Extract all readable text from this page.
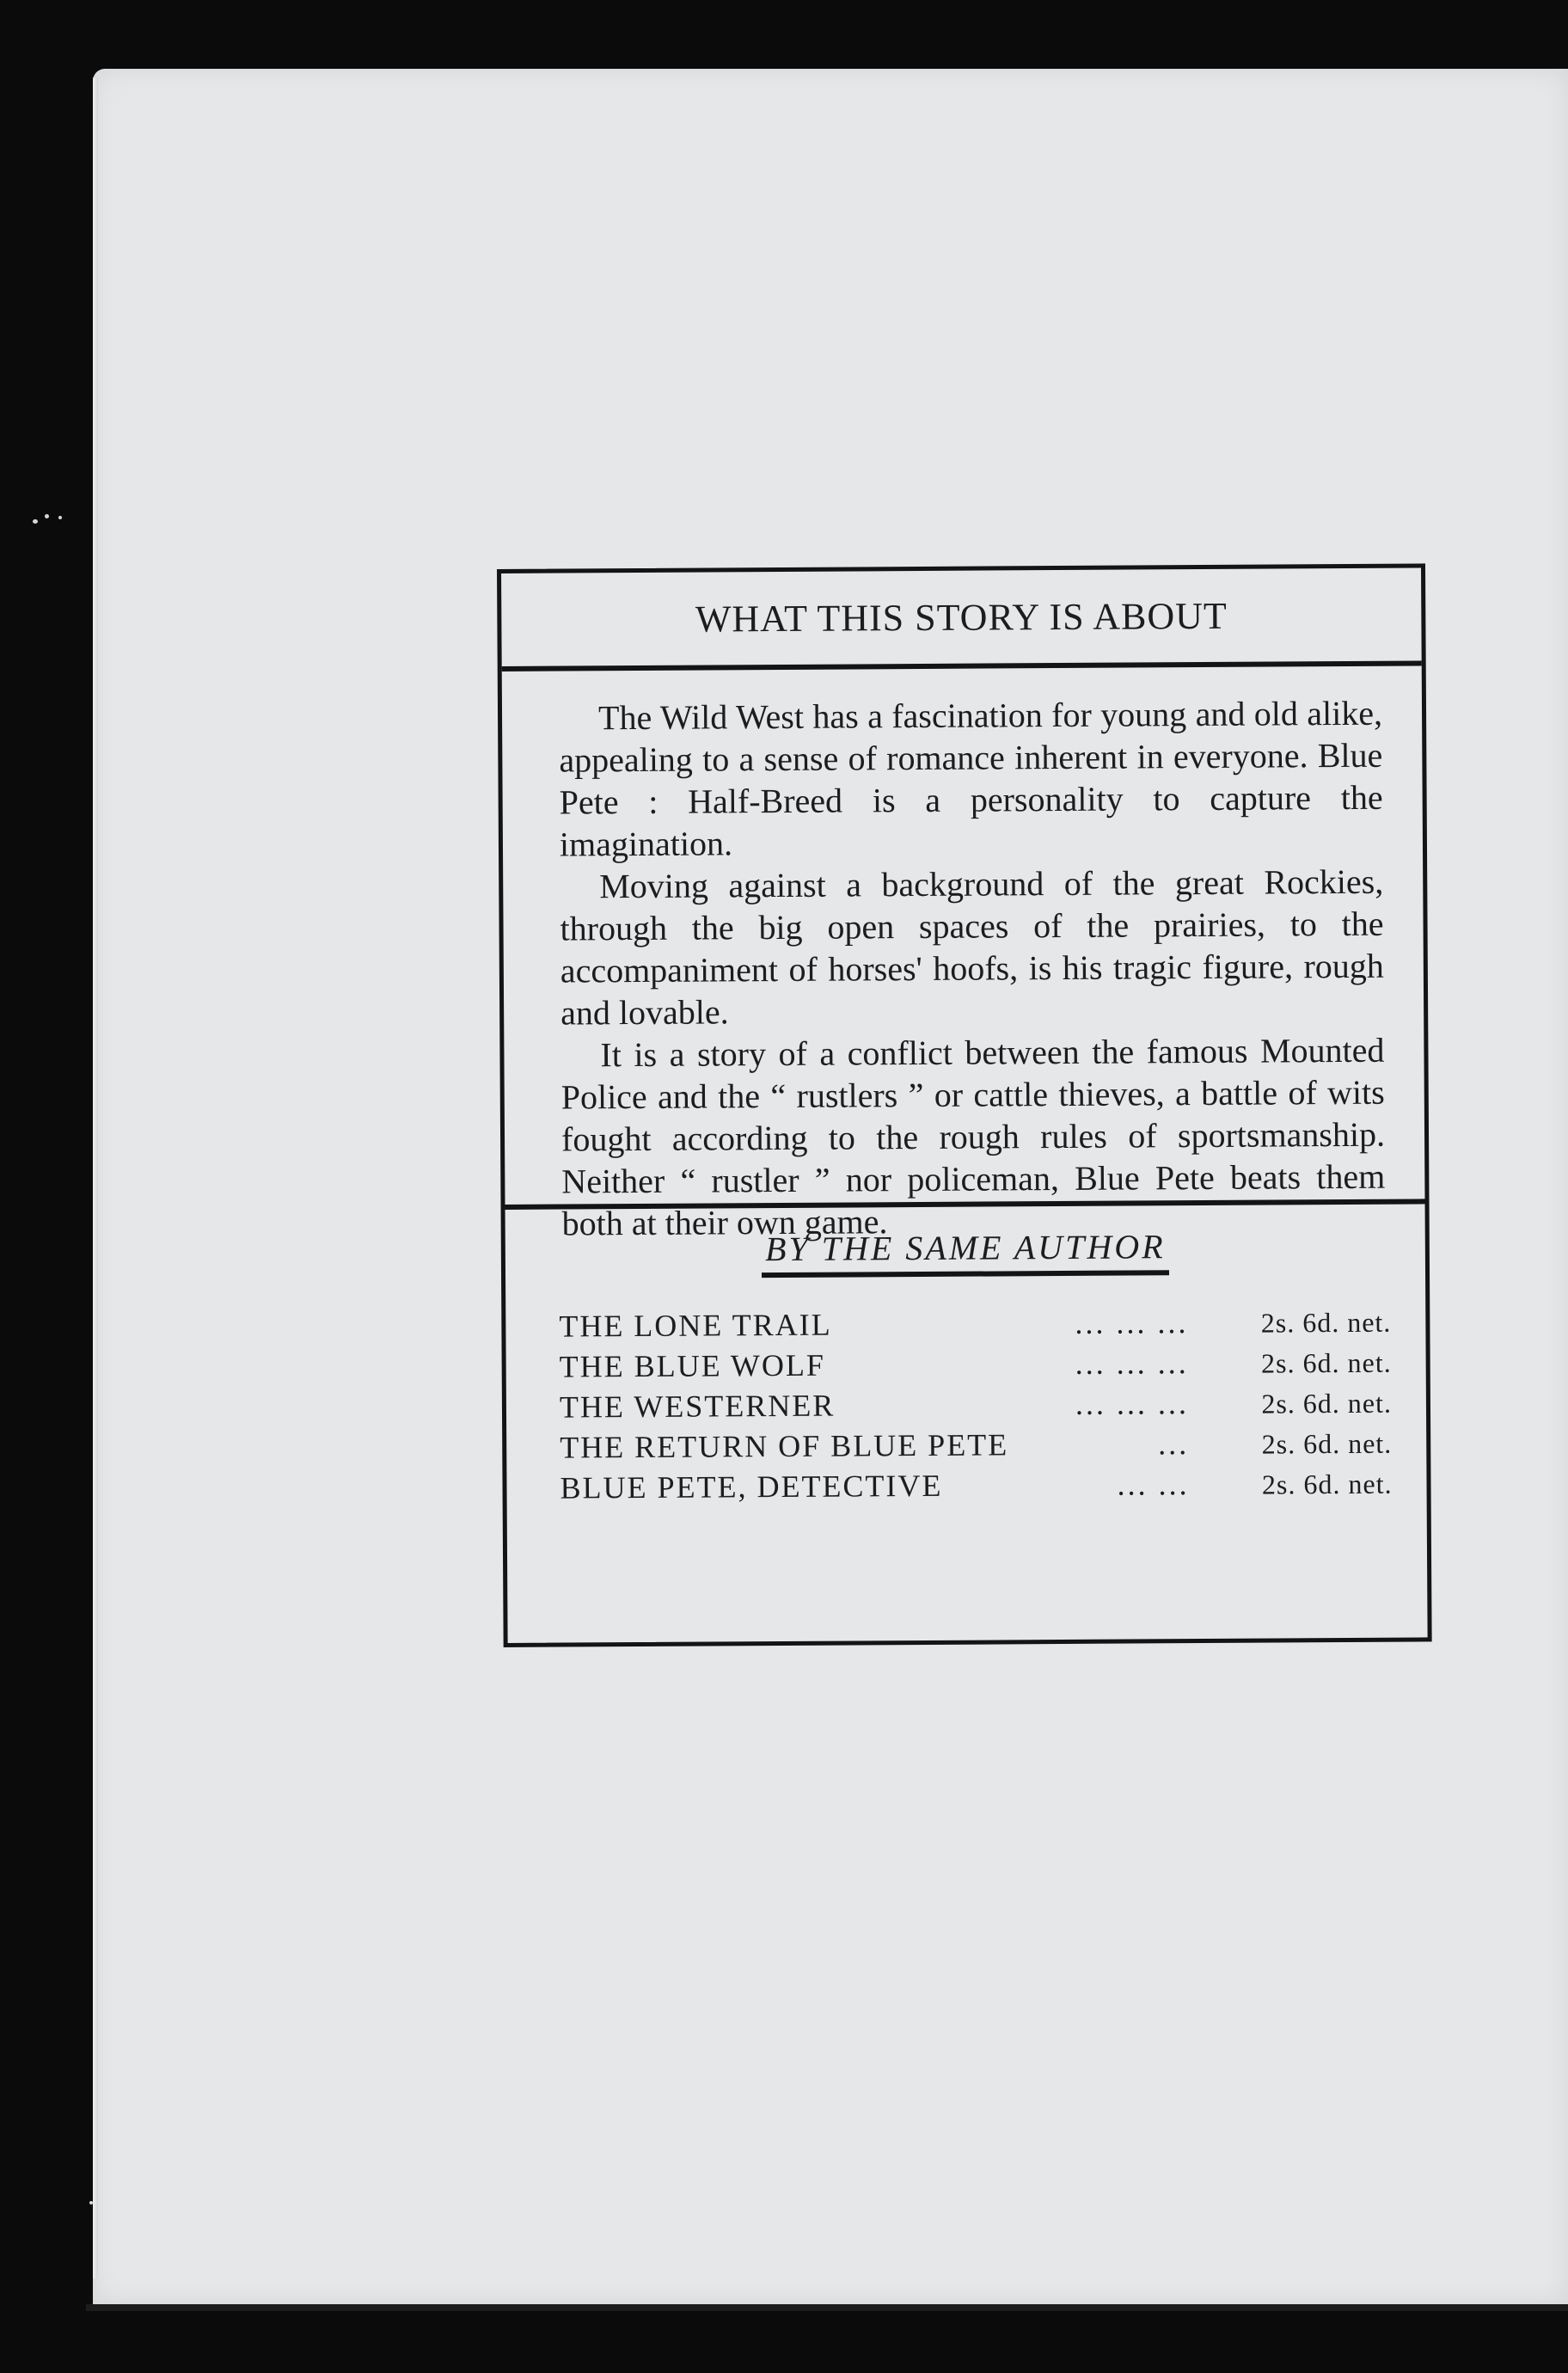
WHAT THIS STORY IS ABOUT

The Wild West has a fascination for young and old alike, appealing to a sense of romance inherent in everyone. Blue Pete : Half-Breed is a personality to capture the imagination.

Moving against a background of the great Rockies, through the big open spaces of the prairies, to the accompaniment of horses' hoofs, is his tragic figure, rough and lovable.

It is a story of a conflict between the famous Mounted Police and the “ rustlers ” or cattle thieves, a battle of wits fought according to the rough rules of sportsmanship. Neither “ rustler ” nor policeman, Blue Pete beats them both at their own game.

BY THE SAME AUTHOR
THE LONE TRAIL	... ... ...	2s. 6d. net.
THE BLUE WOLF	... ... ...	2s. 6d. net.
THE WESTERNER	... ... ...	2s. 6d. net.
THE RETURN OF BLUE PETE	...	2s. 6d. net.
BLUE PETE, DETECTIVE	... ...	2s. 6d. net.
